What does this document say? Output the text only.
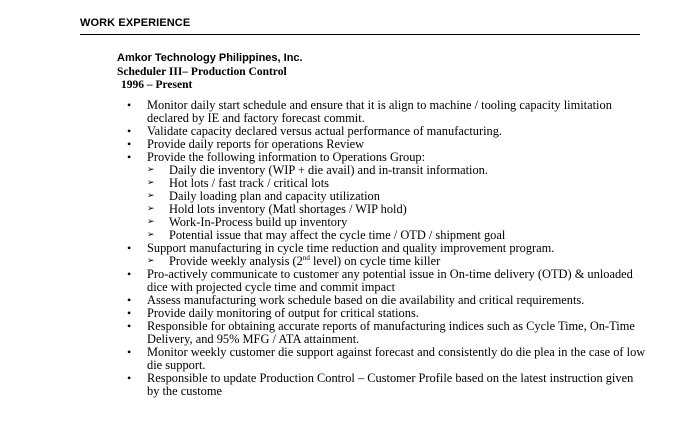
WORK EXPERIENCE
Amkor Technology Philippines, Inc.
Scheduler III– Production Control
1996 – Present
• Monitor daily start schedule and ensure that it is align to machine / tooling capacity limitation declared by IE and factory forecast commit.
• Validate capacity declared versus actual performance of manufacturing.
• Provide daily reports for operations Review
• Provide the following information to Operations Group:
➢ Daily die inventory (WIP + die avail) and in-transit information.
➢ Hot lots / fast track / critical lots
➢ Daily loading plan and capacity utilization
➢ Hold lots inventory (Matl shortages / WIP hold)
➢ Work-In-Process build up inventory
➢ Potential issue that may affect the cycle time / OTD / shipment goal
• Support manufacturing in cycle time reduction and quality improvement program.
➢ Provide weekly analysis (2nd level) on cycle time killer
• Pro-actively communicate to customer any potential issue in On-time delivery (OTD) & unloaded dice with projected cycle time and commit impact
• Assess manufacturing work schedule based on die availability and critical requirements.
• Provide daily monitoring of output for critical stations.
• Responsible for obtaining accurate reports of manufacturing indices such as Cycle Time, On-Time Delivery, and 95% MFG / ATA attainment.
• Monitor weekly customer die support against forecast and consistently do die plea in the case of low die support.
• Responsible to update Production Control – Customer Profile based on the latest instruction given by the custome
